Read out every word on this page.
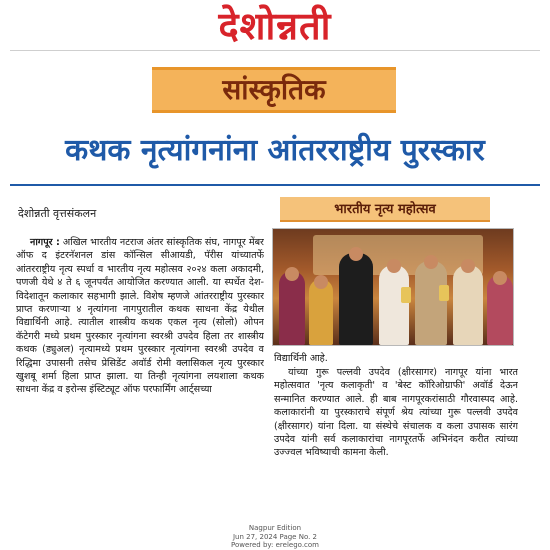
देशोन्नती
सांस्कृतिक
कथक नृत्यांगनांना आंतरराष्ट्रीय पुरस्कार
देशोन्नती वृत्तसंकलन	भारतीय नृत्य महोत्सव

नागपूर : अखिल भारतीय नटराज अंतर सांस्कृतिक संघ, नागपूर मेंबर ऑफ द इंटरनॅशनल डांस कॉन्सिल सीआयडी, पॅरीस यांच्यातर्फे आंतरराष्ट्रीय नृत्य स्पर्धा व भारतीय नृत्य महोत्सव २०२४ कला अकादमी, पणजी येथे ४ ते ६ जूनपर्यंत आयोजित करण्यात आली. या स्पर्धेत देश-विदेशातून कलाकार सहभागी झाले. विशेष म्हणजे आंतरराष्ट्रीय पुरस्कार प्राप्त करणाऱ्या ४ नृत्यांगना नागपुरातील कथक साधना केंद्र येथील विद्यार्थिनी आहे. त्यातील शास्त्रीय कथक एकल नृत्य (सोलो) ओपन कॅटेगरी मध्ये प्रथम पुरस्कार नृत्यांगना स्वरश्री उपदेव हिला तर शास्त्रीय कथक (ड्युअल) नृत्यामध्ये प्रथम पुरस्कार नृत्यांगना स्वरश्री उपदेव व रिद्धिमा उपासनी तसेच प्रेसिडेंट अवॉर्ड रोमी क्लासिकल नृत्य पुरस्कार खुशबू शर्मा हिला प्राप्त झाला. या तिन्ही नृत्यांगना लयशाला कथक साधना केंद्र व इरोन्स इंस्टिट्यूट ऑफ परफार्मिंग आर्ट्सच्या

विद्यार्थिनी आहे.

यांच्या गुरू पल्लवी उपदेव (क्षीरसागर) नागपूर यांना भारत महोत्सवात 'नृत्य कलाकृती' व 'बेस्ट कॉरिओग्राफी' अवॉर्ड देऊन सन्मानित करण्यात आले. ही बाब नागपूरकरांसाठी गौरवास्पद आहे. कलाकारांनी या पुरस्काराचे संपूर्ण श्रेय त्यांच्या गुरू पल्लवी उपदेव (क्षीरसागर) यांना दिला. या संस्थेचे संचालक व कला उपासक सारंग उपदेव यांनी सर्व कलाकारांचा नागपूरतर्फे अभिनंदन करीत त्यांच्या उज्ज्वल भविष्याची कामना केली.

Nagpur Edition
Jun 27, 2024 Page No. 2
Powered by: erelego.com
